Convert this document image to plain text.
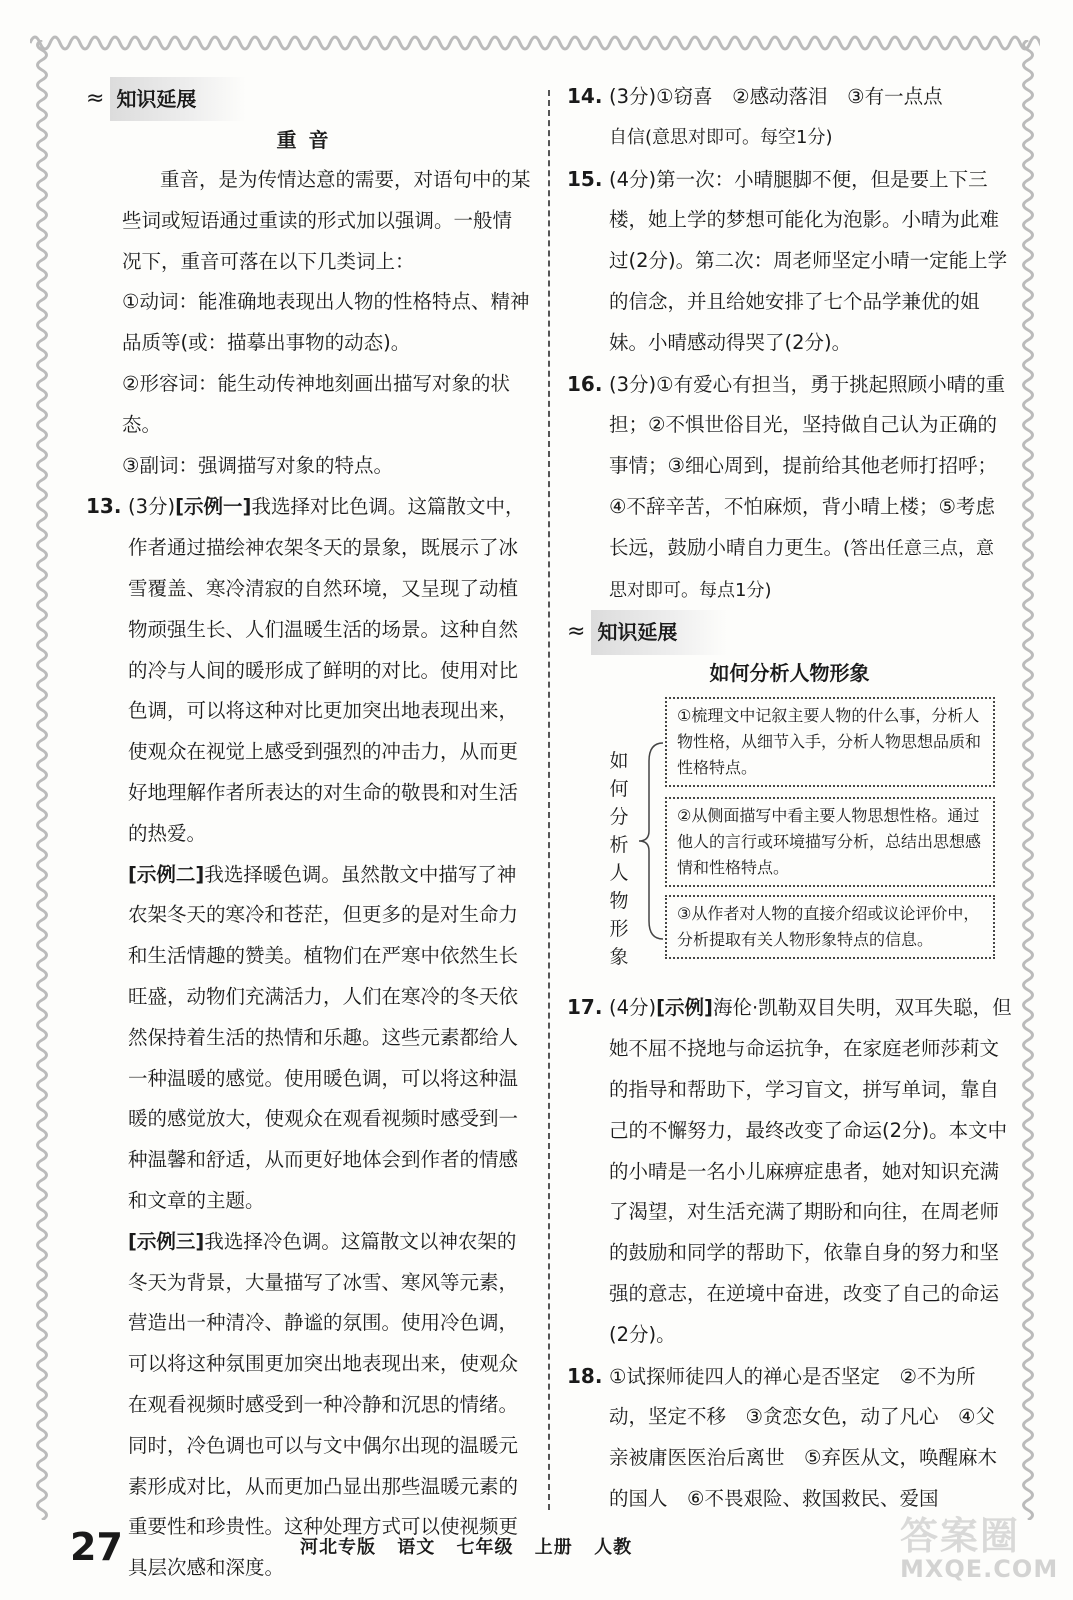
≈ 知识延展
重音

重音，是为传情达意的需要，对语句中的某些词或短语通过重读的形式加以强调。一般情况下，重音可落在以下几类词上：

①动词：能准确地表现出人物的性格特点、精神品质等(或：描摹出事物的动态)。

②形容词：能生动传神地刻画出描写对象的状态。

③副词：强调描写对象的特点。

13. (3分)[示例一]我选择对比色调。这篇散文中，作者通过描绘神农架冬天的景象，既展示了冰雪覆盖、寒冷清寂的自然环境，又呈现了动植物顽强生长、人们温暖生活的场景。这种自然的冷与人间的暖形成了鲜明的对比。使用对比色调，可以将这种对比更加突出地表现出来，使观众在视觉上感受到强烈的冲击力，从而更好地理解作者所表达的对生命的敬畏和对生活的热爱。

[示例二]我选择暖色调。虽然散文中描写了神农架冬天的寒冷和苍茫，但更多的是对生命力和生活情趣的赞美。植物们在严寒中依然生长旺盛，动物们充满活力，人们在寒冷的冬天依然保持着生活的热情和乐趣。这些元素都给人一种温暖的感觉。使用暖色调，可以将这种温暖的感觉放大，使观众在观看视频时感受到一种温馨和舒适，从而更好地体会到作者的情感和文章的主题。

[示例三]我选择冷色调。这篇散文以神农架的冬天为背景，大量描写了冰雪、寒风等元素，营造出一种清冷、静谧的氛围。使用冷色调，可以将这种氛围更加突出地表现出来，使观众在观看视频时感受到一种冷静和沉思的情绪。同时，冷色调也可以与文中偶尔出现的温暖元素形成对比，从而更加凸显出那些温暖元素的重要性和珍贵性。这种处理方式可以使视频更具层次感和深度。

14. (3分)①窃喜　②感动落泪　③有一点点

自信(意思对即可。每空1分)

15. (4分)第一次：小晴腿脚不便，但是要上下三楼，她上学的梦想可能化为泡影。小晴为此难过(2分)。第二次：周老师坚定小晴一定能上学的信念，并且给她安排了七个品学兼优的姐妹。小晴感动得哭了(2分)。

16. (3分)①有爱心有担当，勇于挑起照顾小晴的重担；②不惧世俗目光，坚持做自己认为正确的事情；③细心周到，提前给其他老师打招呼；④不辞辛苦，不怕麻烦，背小晴上楼；⑤考虑长远，鼓励小晴自力更生。(答出任意三点，意思对即可。每点1分)

≈ 知识延展
如何分析人物形象
如
何
分
析
人
物
形
象
①梳理文中记叙主要人物的什么事，分析人物性格，从细节入手，分析人物思想品质和性格特点。
②从侧面描写中看主要人物思想性格。通过他人的言行或环境描写分析，总结出思想感情和性格特点。
③从作者对人物的直接介绍或议论评价中，分析提取有关人物形象特点的信息。

17. (4分)[示例]海伦·凯勒双目失明，双耳失聪，但她不屈不挠地与命运抗争，在家庭老师莎莉文的指导和帮助下，学习盲文，拼写单词，靠自己的不懈努力，最终改变了命运(2分)。本文中的小晴是一名小儿麻痹症患者，她对知识充满了渴望，对生活充满了期盼和向往，在周老师的鼓励和同学的帮助下，依靠自身的努力和坚强的意志，在逆境中奋进，改变了自己的命运(2分)。

18. ①试探师徒四人的禅心是否坚定　②不为所动，坚定不移　③贪恋女色，动了凡心　④父亲被庸医医治后离世　⑤弃医从文，唤醒麻木的国人　⑥不畏艰险、救国救民、爱国

27	河北专版 语文 七年级 上册 人教	答案圈
MXQE.COM
